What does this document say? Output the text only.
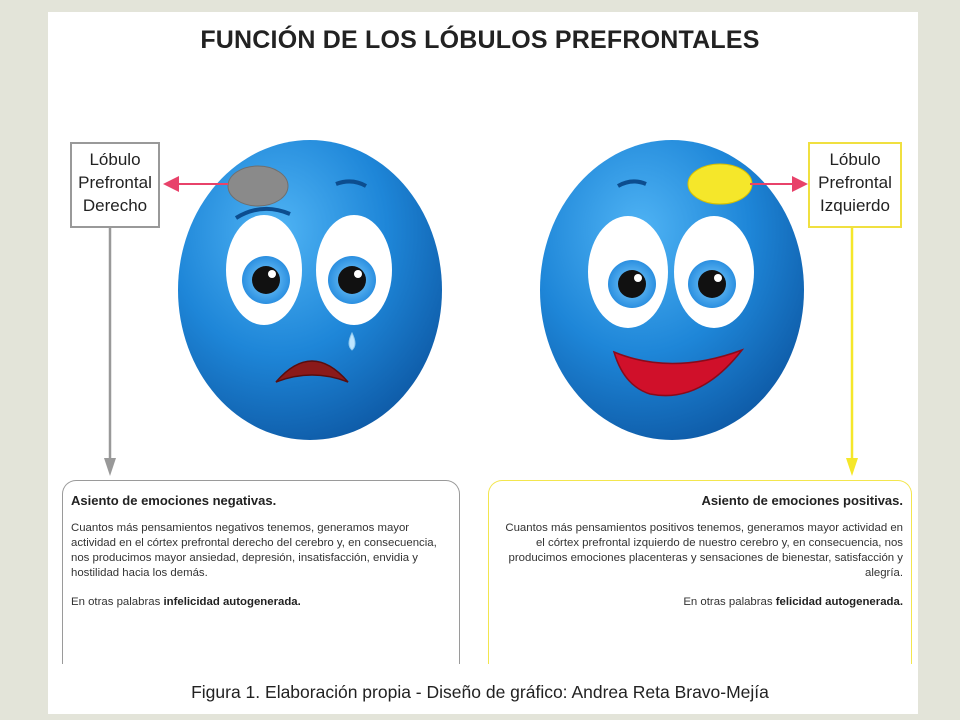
FUNCIÓN DE LOS LÓBULOS PREFRONTALES
Lóbulo
Prefrontal
Derecho
Lóbulo
Prefrontal
Izquierdo
Asiento de emociones negativas.
Cuantos más pensamientos negativos tenemos, generamos mayor actividad en el córtex prefrontal derecho del cerebro y, en consecuencia, nos producimos mayor ansiedad, depresión, insatisfacción, envidia y hostilidad hacia los demás.
En otras palabras infelicidad autogenerada.
Asiento de emociones positivas.
Cuantos más pensamientos positivos tenemos, generamos mayor actividad en el córtex prefrontal izquierdo de nuestro cerebro y, en consecuencia, nos producimos emociones placenteras y sensaciones de bienestar, satisfacción y alegría.
En otras palabras felicidad autogenerada.
Figura 1. Elaboración propia - Diseño de gráfico: Andrea Reta Bravo-Mejía
